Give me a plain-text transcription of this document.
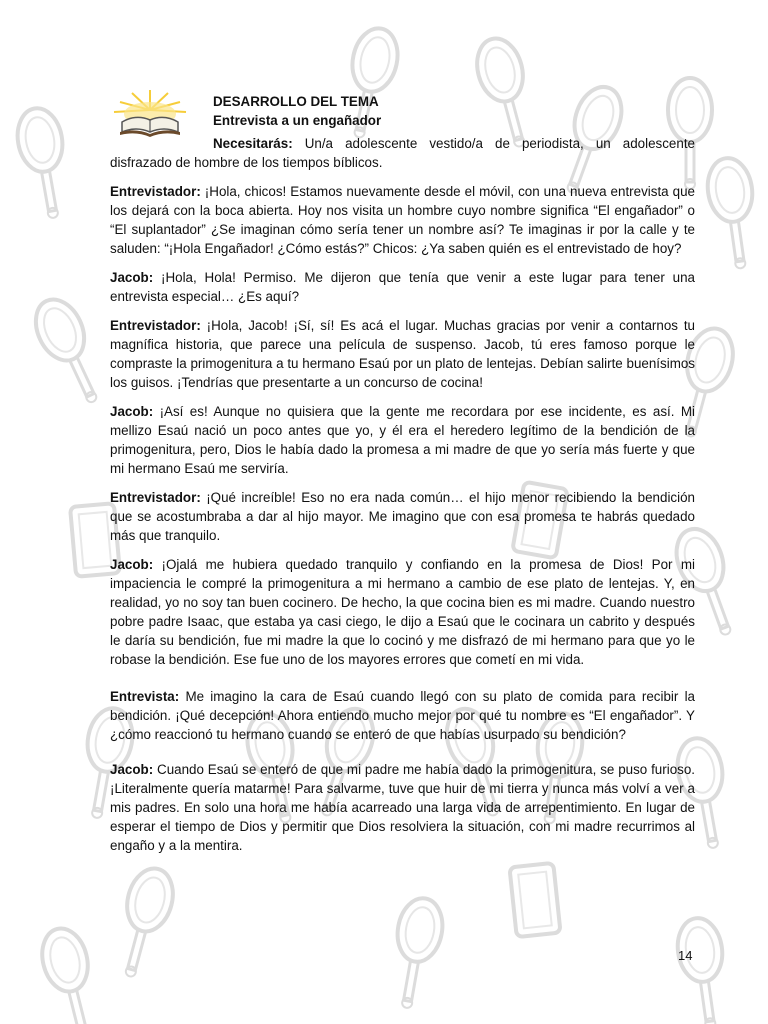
DESARROLLO DEL TEMA
Entrevista a un engañador

Necesitarás: Un/a adolescente vestido/a de periodista, un adolescente disfrazado de hombre de los tiempos bíblicos.

Entrevistador: ¡Hola, chicos! Estamos nuevamente desde el móvil, con una nueva entrevista que los dejará con la boca abierta. Hoy nos visita un hombre cuyo nombre significa “El engañador” o “El suplantador” ¿Se imaginan cómo sería tener un nombre así? Te imaginas ir por la calle y te saluden: “¡Hola Engañador! ¿Cómo estás?” Chicos: ¿Ya saben quién es el entrevistado de hoy?

Jacob: ¡Hola, Hola! Permiso. Me dijeron que tenía que venir a este lugar para tener una entrevista especial… ¿Es aquí?

Entrevistador: ¡Hola, Jacob! ¡Sí, sí! Es acá el lugar. Muchas gracias por venir a contarnos tu magnífica historia, que parece una película de suspenso. Jacob, tú eres famoso porque le compraste la primogenitura a tu hermano Esaú por un plato de lentejas. Debían salirte buenísimos los guisos. ¡Tendrías que presentarte a un concurso de cocina!

Jacob: ¡Así es! Aunque no quisiera que la gente me recordara por ese incidente, es así. Mi mellizo Esaú nació un poco antes que yo, y él era el heredero legítimo de la bendición de la primogenitura, pero, Dios le había dado la promesa a mi madre de que yo sería más fuerte y que mi hermano Esaú me serviría.

Entrevistador: ¡Qué increíble! Eso no era nada común… el hijo menor recibiendo la bendición que se acostumbraba a dar al hijo mayor. Me imagino que con esa promesa te habrás quedado más que tranquilo.

Jacob: ¡Ojalá me hubiera quedado tranquilo y confiando en la promesa de Dios! Por mi impaciencia le compré la primogenitura a mi hermano a cambio de ese plato de lentejas. Y, en realidad, yo no soy tan buen cocinero. De hecho, la que cocina bien es mi madre. Cuando nuestro pobre padre Isaac, que estaba ya casi ciego, le dijo a Esaú que le cocinara un cabrito y después le daría su bendición, fue mi madre la que lo cocinó y me disfrazó de mi hermano para que yo le robase la bendición. Ese fue uno de los mayores errores que cometí en mi vida.

Entrevista: Me imagino la cara de Esaú cuando llegó con su plato de comida para recibir la bendición. ¡Qué decepción! Ahora entiendo mucho mejor por qué tu nombre es “El engañador”. Y ¿cómo reaccionó tu hermano cuando se enteró de que habías usurpado su bendición?

Jacob: Cuando Esaú se enteró de que mi padre me había dado la primogenitura, se puso furioso. ¡Literalmente quería matarme! Para salvarme, tuve que huir de mi tierra y nunca más volví a ver a mis padres. En solo una hora me había acarreado una larga vida de arrepentimiento. En lugar de esperar el tiempo de Dios y permitir que Dios resolviera la situación, con mi madre recurrimos al engaño y a la mentira.

14
